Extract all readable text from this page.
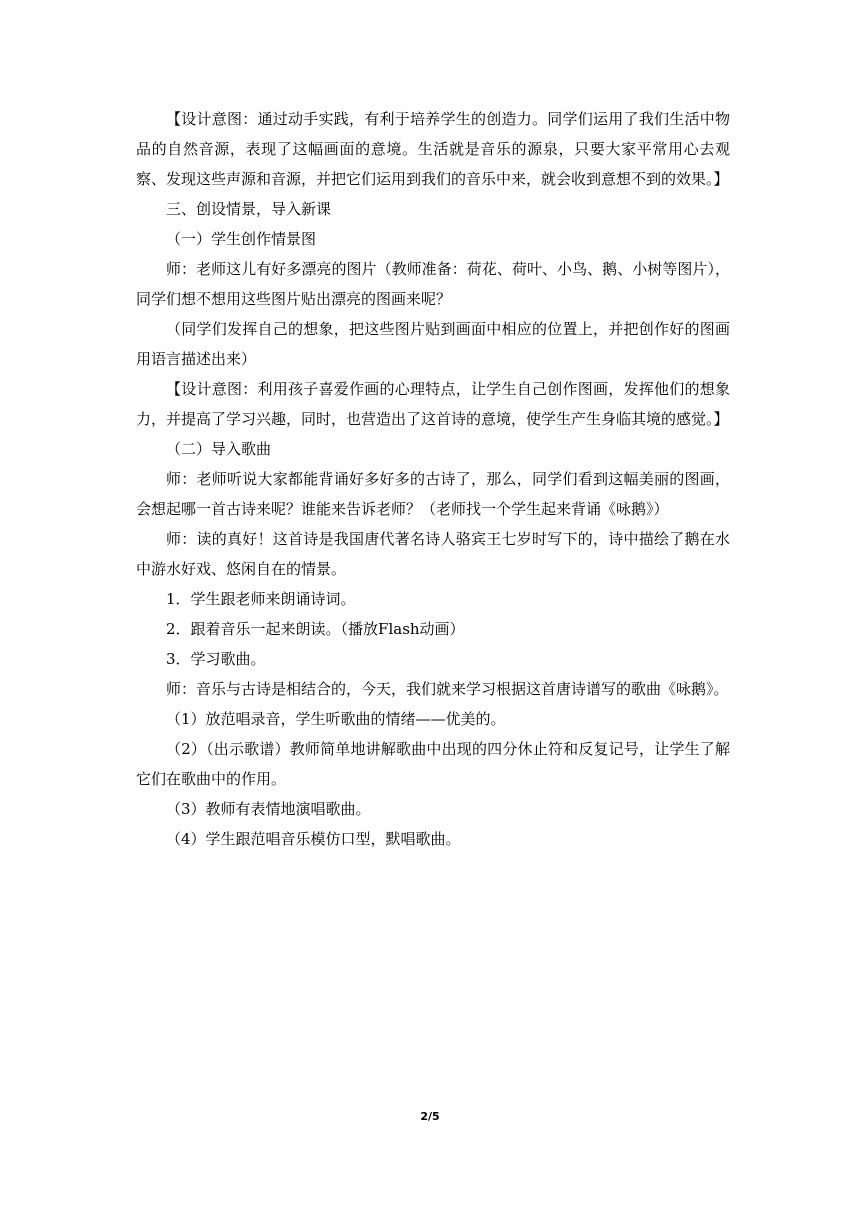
【设计意图：通过动手实践，有利于培养学生的创造力。同学们运用了我们生活中物品的自然音源，表现了这幅画面的意境。生活就是音乐的源泉，只要大家平常用心去观察、发现这些声源和音源，并把它们运用到我们的音乐中来，就会收到意想不到的效果。】

三、创设情景，导入新课

（一）学生创作情景图

师：老师这儿有好多漂亮的图片（教师准备：荷花、荷叶、小鸟、鹅、小树等图片），同学们想不想用这些图片贴出漂亮的图画来呢？

（同学们发挥自己的想象，把这些图片贴到画面中相应的位置上，并把创作好的图画用语言描述出来）

【设计意图：利用孩子喜爱作画的心理特点，让学生自己创作图画，发挥他们的想象力，并提高了学习兴趣，同时，也营造出了这首诗的意境，使学生产生身临其境的感觉。】

（二）导入歌曲

师：老师听说大家都能背诵好多好多的古诗了，那么，同学们看到这幅美丽的图画，会想起哪一首古诗来呢？谁能来告诉老师？（老师找一个学生起来背诵《咏鹅》）

师：读的真好！这首诗是我国唐代著名诗人骆宾王七岁时写下的，诗中描绘了鹅在水中游水好戏、悠闲自在的情景。

1．学生跟老师来朗诵诗词。

2．跟着音乐一起来朗读。（播放Flash动画）

3．学习歌曲。

师：音乐与古诗是相结合的，今天，我们就来学习根据这首唐诗谱写的歌曲《咏鹅》。

（1）放范唱录音，学生听歌曲的情绪——优美的。

（2）（出示歌谱）教师简单地讲解歌曲中出现的四分休止符和反复记号，让学生了解它们在歌曲中的作用。

（3）教师有表情地演唱歌曲。

（4）学生跟范唱音乐模仿口型，默唱歌曲。

2/5
